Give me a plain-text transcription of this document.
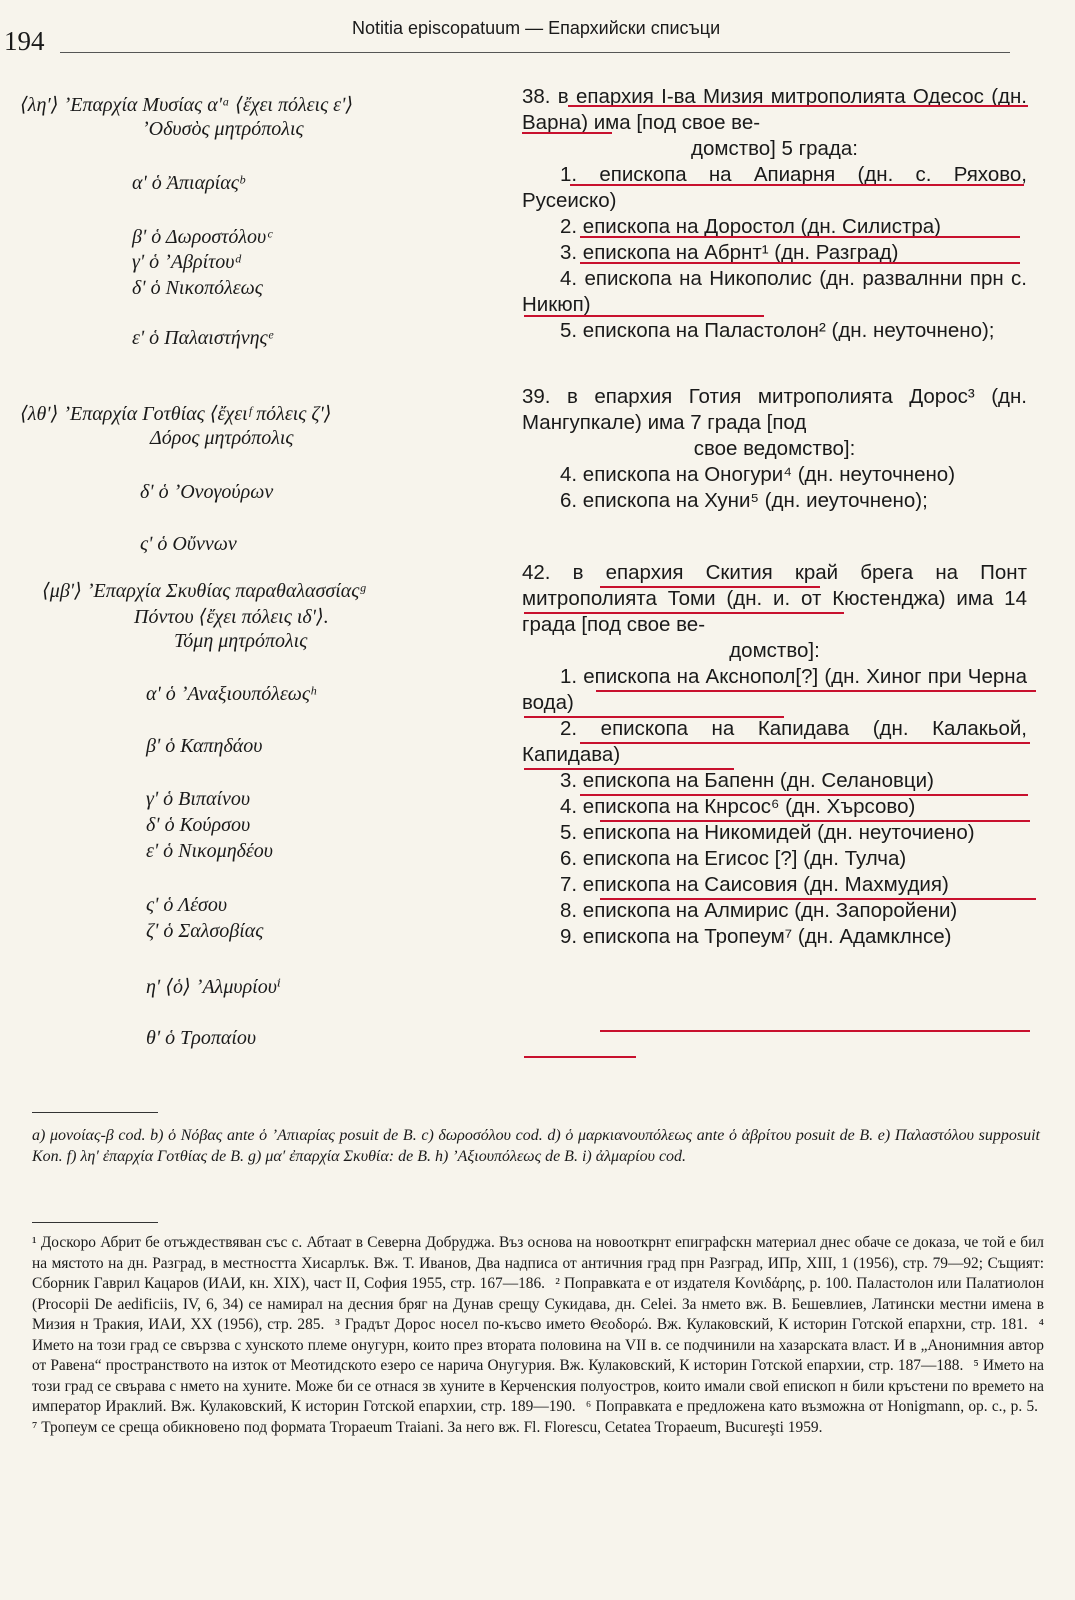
194	Notitia episcopatuum — Епархийски списъци
⟨λη′⟩ ʼΕπαρχία Μυσίας αʹᵃ ⟨ἔχει πόλεις εʹ⟩
ʼΟδυσὸς μητρόπολις
αʹ ὁ Ἀπιαρίαςᵇ
βʹ ὁ Δωροστόλουᶜ
γʹ ὁ ʼΑβρίτουᵈ
δʹ ὁ Νικοπόλεως
εʹ ὁ Παλαιστήνηςᵉ
⟨λθʹ⟩ ʼΕπαρχία Γοτθίας ⟨ἔχειᶠ πόλεις ζʹ⟩
Δόρος μητρόπολις
δʹ ὁ ʼΟνογούρων
ςʹ ὁ Οὔννων
⟨μβʹ⟩ ʼΕπαρχία Σκυθίας παραθαλασσίαςᵍ
Πόντου ⟨ἔχει πόλεις ιδʹ⟩.
Τόμη μητρόπολις
αʹ ὁ ʼΑναξιουπόλεωςʰ
βʹ ὁ Καπηδάου
γʹ ὁ Βιπαίνου
δʹ ὁ Κούρσου
εʹ ὁ Νικομηδέου
ςʹ ὁ Λέσου
ζʹ ὁ Σαλσοβίας
ηʹ ⟨ὁ⟩ ʼΑλμυρίουⁱ
θʹ ὁ Τροπαίου

38. в епархия I-ва Мизия митрополията Одесос (дн. Варна) има [под свое ве-

домство] 5 града:

1. епископа на Апиарня (дн. с. Ряхово, Русеиско)

2. епископа на Доростол (дн. Силистра)

3. епископа на Абрнт¹ (дн. Разград)

4. епископа на Никополис (дн. развалнни прн с. Никюп)

5. епископа на Паластолон² (дн. неуточнено);

39. в епархия Готия митрополията Дорос³ (дн. Мангупкале) има 7 града [под

свое ведомство]:

4. епископа на Оногури⁴ (дн. неуточнено)

6. епископа на Хуни⁵ (дн. иеуточнено);

42. в епархия Скития край брега на Понт митрополията Томи (дн. и. от Кюстенджа) има 14 града [под свое ве-

домство]:

1. епископа на Акснопол[?] (дн. Хиног при Черна вода)

2. епископа на Капидава (дн. Калакьой, Капидава)

3. епископа на Бапенн (дн. Селановци)

4. епископа на Кнрсос⁶ (дн. Хърсово)

5. епископа на Никомидей (дн. неуточиено)

6. епископа на Егисос [?] (дн. Тулча)

7. епископа на Саисовия (дн. Махмудия)

8. епископа на Алмирис (дн. Запоройени)

9. епископа на Тропеум⁷ (дн. Адамклнсе)

a) μονοίας-β cod. b) ὁ Νόβας ante ὁ ʼΑπιαρίας posuit de B. c) δωροσόλου cod. d) ὁ μαρκιανουπόλεως ante ὁ ἀβρίτου posuit de B. e) Παλαστόλου supposuit Kon. f) λη′ ἐπαρχία Γοτθίας de B. g) μα′ ἐπαρχία Σκυθία: de B. h) ʼΑξιουπόλεως de B. i) ἀλμαρίου cod.

¹ Доскоро Абрит бе отъждествяван със с. Абтаат в Северна Добруджа. Въз основа на новооткрнт епиграфскн материал днес обаче се доказа, че той е бил на мястото на дн. Разград, в местността Хисарлък. Вж. Т. Иванов, Два надписа от античния град прн Разград, ИПр, XIII, 1 (1956), стр. 79—92; Същият: Сборник Гаврил Кацаров (ИАИ, кн. XIX), част II, София 1955, стр. 167—186. ² Поправката е от издателя Κονιδάρης, p. 100. Паластолон или Палатиолон (Procopii De aedificiis, IV, 6, 34) се намирал на десния бряг на Дунав срещу Сукидава, дн. Celei. За нмето вж. В. Бешевлиев, Латински местни имена в Мизия н Тракия, ИАИ, XX (1956), стр. 285. ³ Градът Дорос носел по-късво името Θεοδορώ. Вж. Кулаковский, К историн Готской епархни, стр. 181. ⁴ Името на този град се свързва с хунското племе онугурн, които през втората половина на VII в. се подчинили на хазарската власт. И в „Анонимния автор от Равена“ пространството на изток от Меотидското езеро се нарича Онугурия. Вж. Кулаковский, К историн Готской епархии, стр. 187—188. ⁵ Името на този град се свърава с нмето на хуните. Може би се отнася зв хуните в Керченския полуостров, които имали свой епископ н били кръстени по времето на император Ираклий. Вж. Кулаковский, К историн Готской епархии, стр. 189—190. ⁶ Поправката е предложена като възможна от Honigmann, op. c., p. 5. ⁷ Тропеум се среща обикновено под формата Tropaeum Traiani. За него вж. Fl. Florescu, Cetatea Tropaeum, Bucureşti 1959.
